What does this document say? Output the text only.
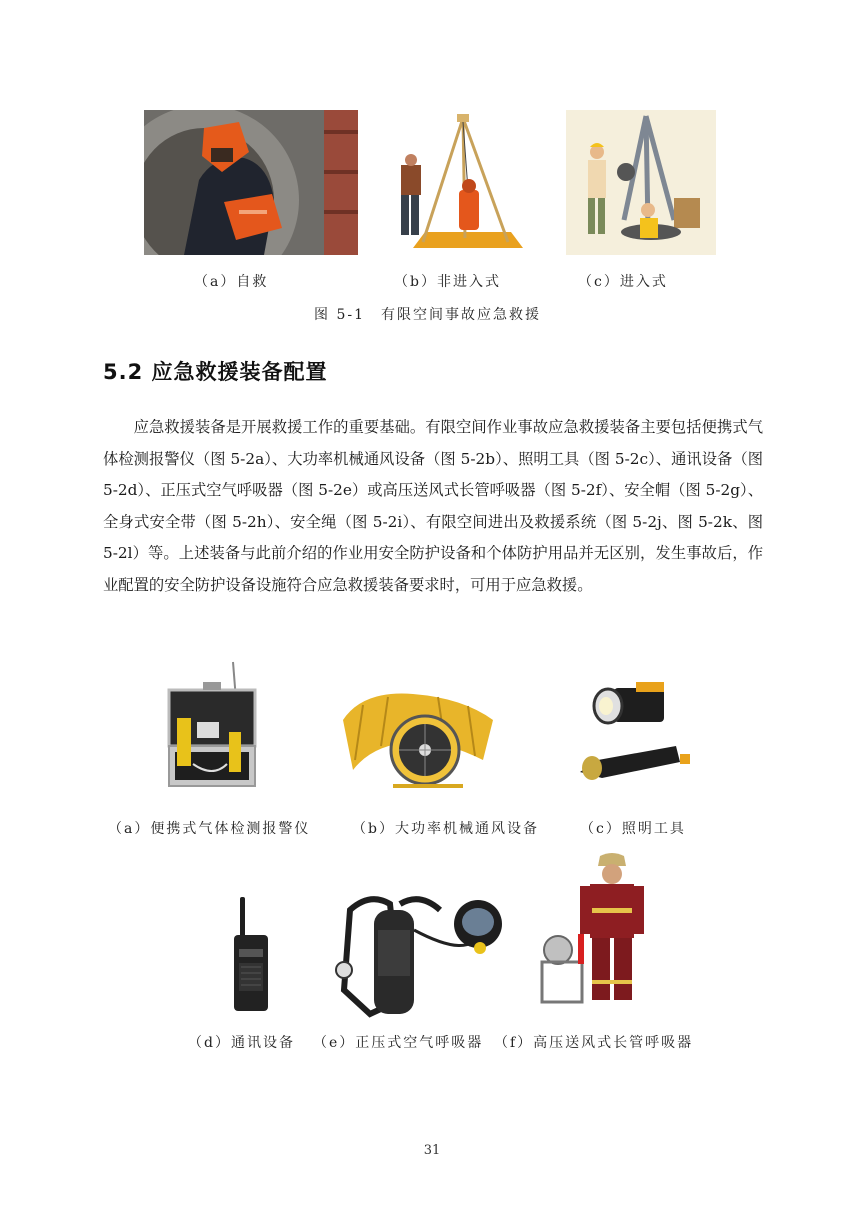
（a）自救	（b）非进入式	（c）进入式
图 5-1　有限空间事故应急救援
5.2 应急救援装备配置

应急救援装备是开展救援工作的重要基础。有限空间作业事故应急救援装备主要包括便携式气体检测报警仪（图 5-2a）、大功率机械通风设备（图 5-2b）、照明工具（图 5-2c）、通讯设备（图 5-2d）、正压式空气呼吸器（图 5-2e）或高压送风式长管呼吸器（图 5-2f）、安全帽（图 5-2g）、全身式安全带（图 5-2h）、安全绳（图 5-2i）、有限空间进出及救援系统（图 5-2j、图 5-2k、图 5-2l）等。上述装备与此前介绍的作业用安全防护设备和个体防护用品并无区别，发生事故后，作业配置的安全防护设备设施符合应急救援装备要求时，可用于应急救援。

（a）便携式气体检测报警仪	（b）大功率机械通风设备	（c）照明工具
（d）通讯设备 （e）正压式空气呼吸器 （f）高压送风式长管呼吸器
31
